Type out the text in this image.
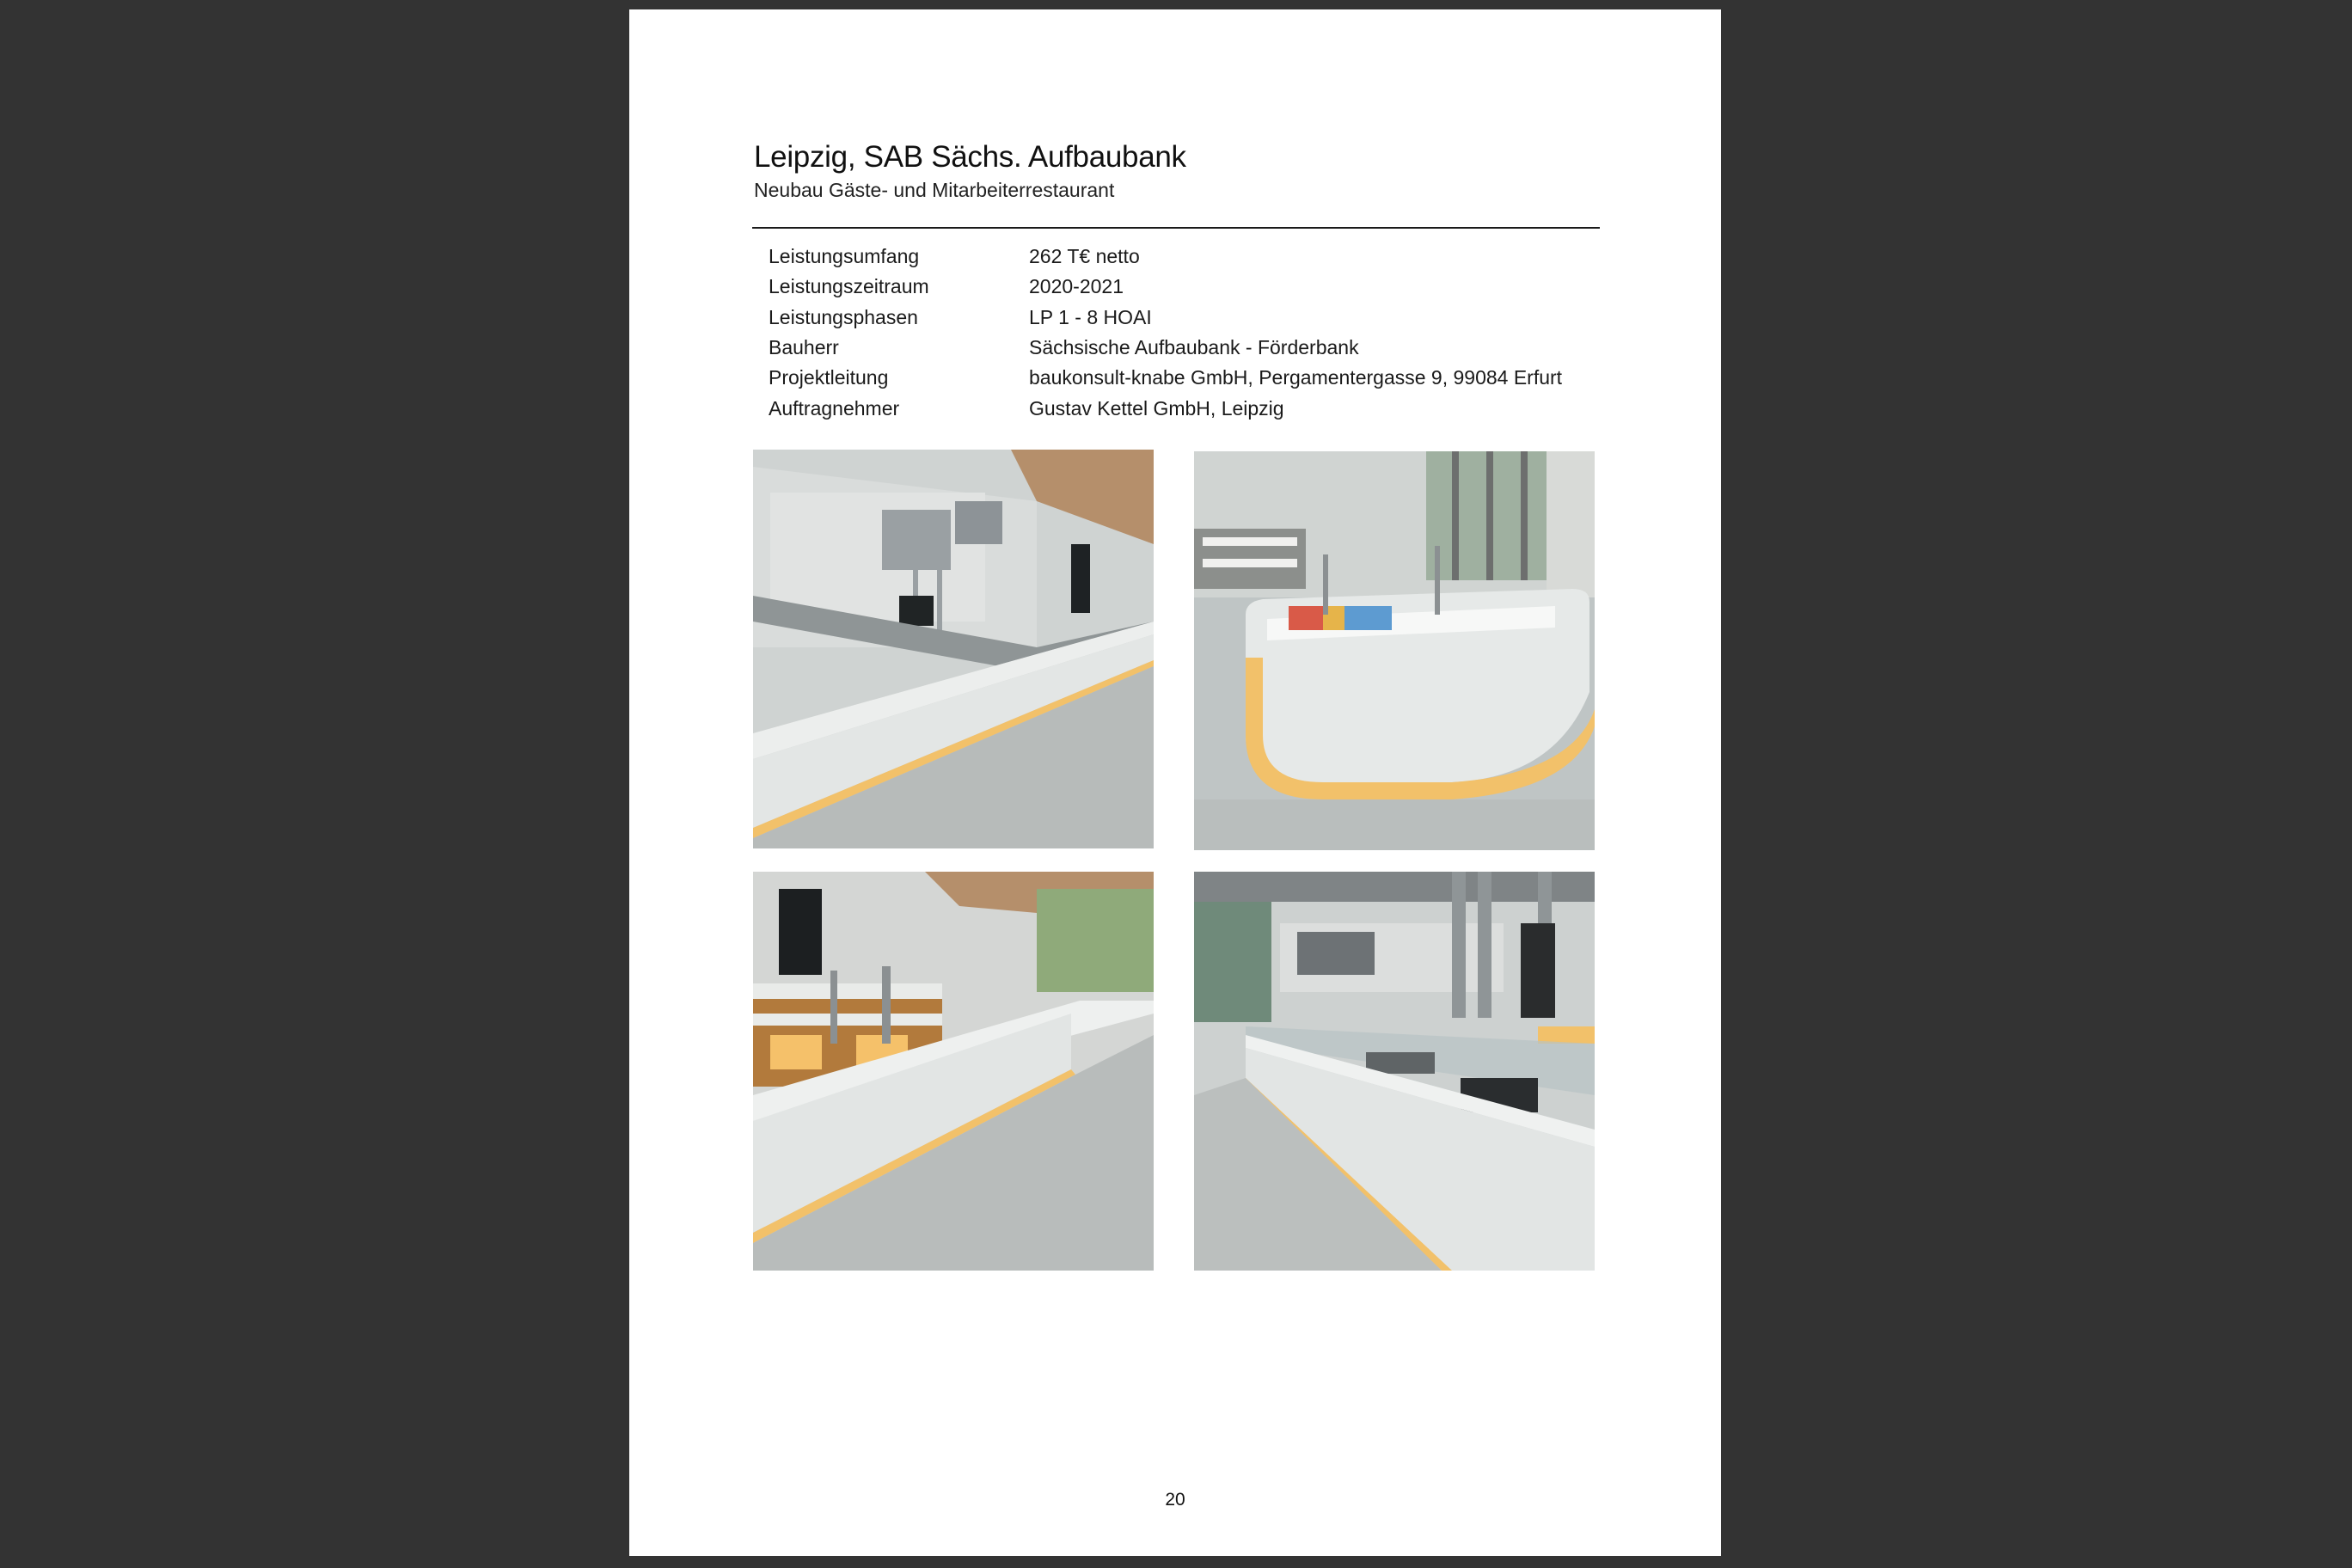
Leipzig, SAB Sächs. Aufbaubank
Neubau Gäste- und Mitarbeiterrestaurant
Leistungsumfang	262 T€ netto
Leistungszeitraum	2020-2021
Leistungsphasen	LP 1 - 8 HOAI
Bauherr	Sächsische Aufbaubank - Förderbank
Projektleitung	baukonsult-knabe GmbH, Pergamentergasse 9, 99084 Erfurt
Auftragnehmer	Gustav Kettel GmbH, Leipzig
20
